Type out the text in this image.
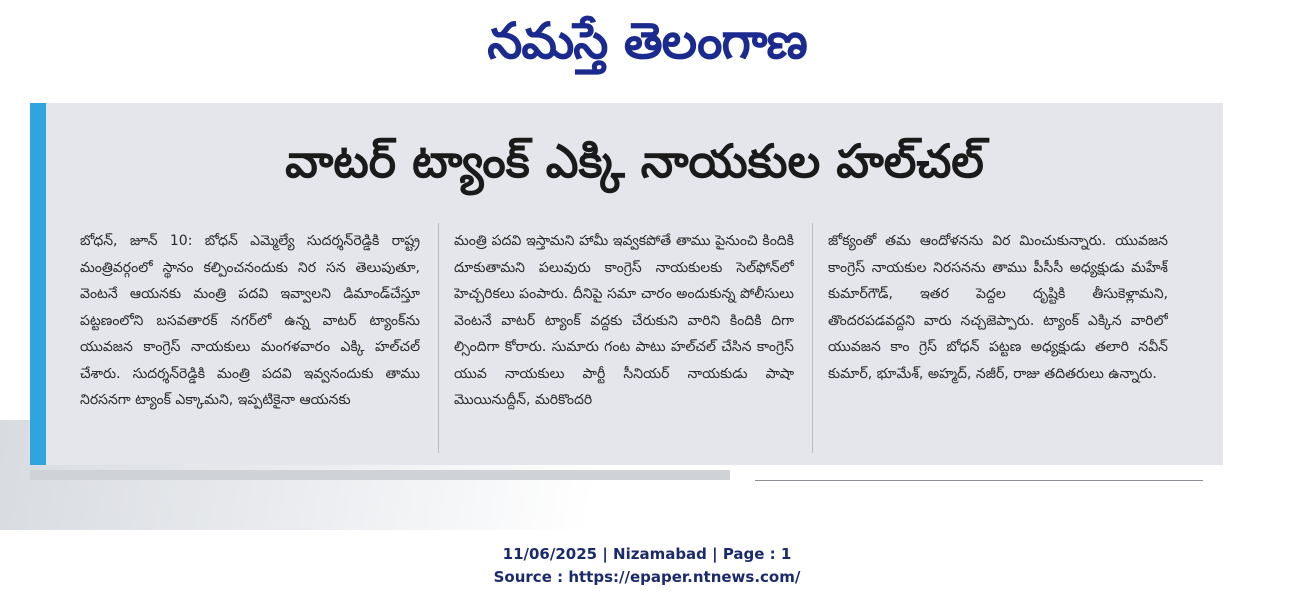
నమస్తే తెలంగాణ
వాటర్ ట్యాంక్ ఎక్కి నాయకుల హల్‌చల్
బోధన్, జూన్ 10: బోధన్ ఎమ్మెల్యే సుదర్శన్‌రెడ్డికి రాష్ట్ర మంత్రివర్గంలో స్థానం కల్పించనందుకు నిర సన తెలుపుతూ, వెంటనే ఆయనకు మంత్రి పదవి ఇవ్వాలని డిమాండ్‌చేస్తూ పట్టణంలోని బసవతారక్ నగర్‌లో ఉన్న వాటర్ ట్యాంక్‌ను యువజన కాంగ్రెస్ నాయకులు మంగళవారం ఎక్కి హల్‌చల్ చేశారు. సుదర్శన్‌రెడ్డికి మంత్రి పదవి ఇవ్వనందుకు తాము నిరసనగా ట్యాంక్ ఎక్కామని, ఇప్పటికైనా ఆయనకు
మంత్రి పదవి ఇస్తామని హామీ ఇవ్వకపోతే తాము పైనుంచి కిందికి దూకుతామని పలువురు కాంగ్రెస్ నాయకులకు సెల్‌ఫోన్‌లో హెచ్చరికలు పంపారు. దీనిపై సమా చారం అందుకున్న పోలీసులు వెంటనే వాటర్ ట్యాంక్ వద్దకు చేరుకుని వారిని కిందికి దిగా ల్సిందిగా కోరారు. సుమారు గంట పాటు హల్‌చల్ చేసిన కాంగ్రెస్ యువ నాయకులు పార్టీ సీనియర్ నాయకుడు పాషా మొయినుద్దీన్, మరికొందరి
జోక్యంతో తమ ఆందోళనను విర మించుకున్నారు. యువజన కాంగ్రెస్ నాయకుల నిరసనను తాము పీసీసీ అధ్యక్షుడు మహేశ్ కుమార్‌గౌడ్, ఇతర పెద్దల దృష్టికి తీసుకెళ్లామని, తొందరపడవద్దని వారు నచ్చజెప్పారు. ట్యాంక్ ఎక్కిన వారిలో యువజన కాం గ్రెస్ బోధన్ పట్టణ అధ్యక్షుడు తలారి నవీన్ కుమార్, భూమేశ్, అహ్మద్, నజీర్, రాజు తదితరులు ఉన్నారు.
11/06/2025 | Nizamabad | Page : 1
Source : https://epaper.ntnews.com/
